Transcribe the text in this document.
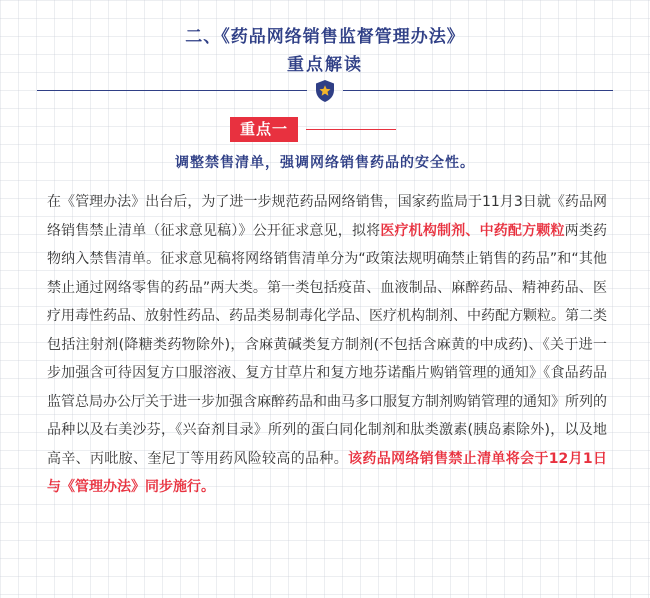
二、《药品网络销售监督管理办法》
重点解读
重点一
调整禁售清单，强调网络销售药品的安全性。

在《管理办法》出台后，为了进一步规范药品网络销售，国家药监局于11月3日就《药品网络销售禁止清单（征求意见稿）》公开征求意见，拟将医疗机构制剂、中药配方颗粒两类药物纳入禁售清单。征求意见稿将网络销售清单分为“政策法规明确禁止销售的药品”和“其他禁止通过网络零售的药品”两大类。第一类包括疫苗、血液制品、麻醉药品、精神药品、医疗用毒性药品、放射性药品、药品类易制毒化学品、医疗机构制剂、中药配方颗粒。第二类包括注射剂(降糖类药物除外)，含麻黄碱类复方制剂(不包括含麻黄的中成药)、《关于进一步加强含可待因复方口服溶液、复方甘草片和复方地芬诺酯片购销管理的通知》《食品药品监管总局办公厅关于进一步加强含麻醉药品和曲马多口服复方制剂购销管理的通知》所列的品种以及右美沙芬，《兴奋剂目录》所列的蛋白同化制剂和肽类激素(胰岛素除外)，以及地高辛、丙吡胺、奎尼丁等用药风险较高的品种。该药品网络销售禁止清单将会于12月1日与《管理办法》同步施行。
